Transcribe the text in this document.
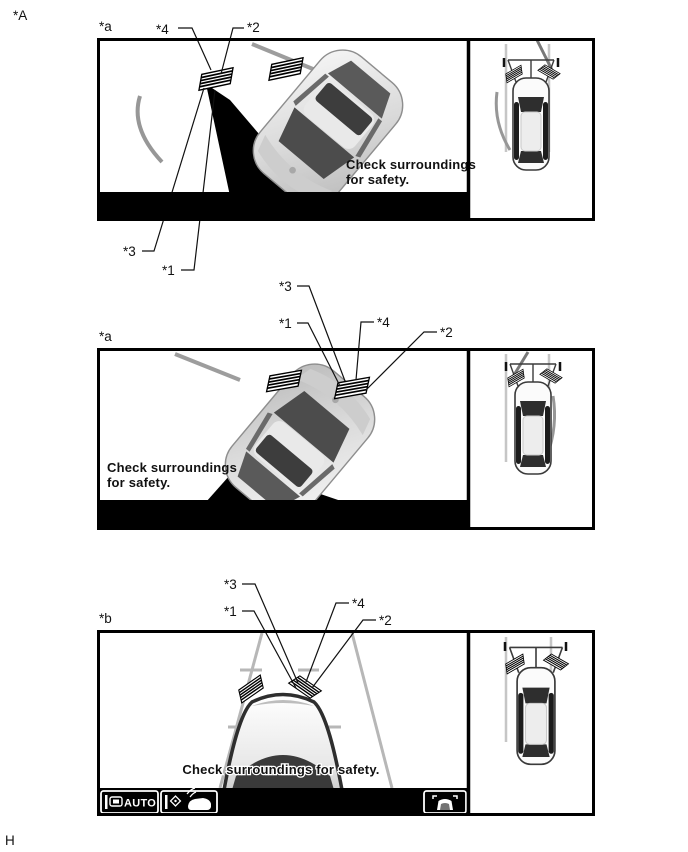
*A
H
Check surroundings
for safety.
*a	*4	*2
*3
*1
Check surroundings
for safety.
*a
*3
*1	*4
*2
Check surroundings for safety.
AUTO
*b
*3
*1
*4
*2
